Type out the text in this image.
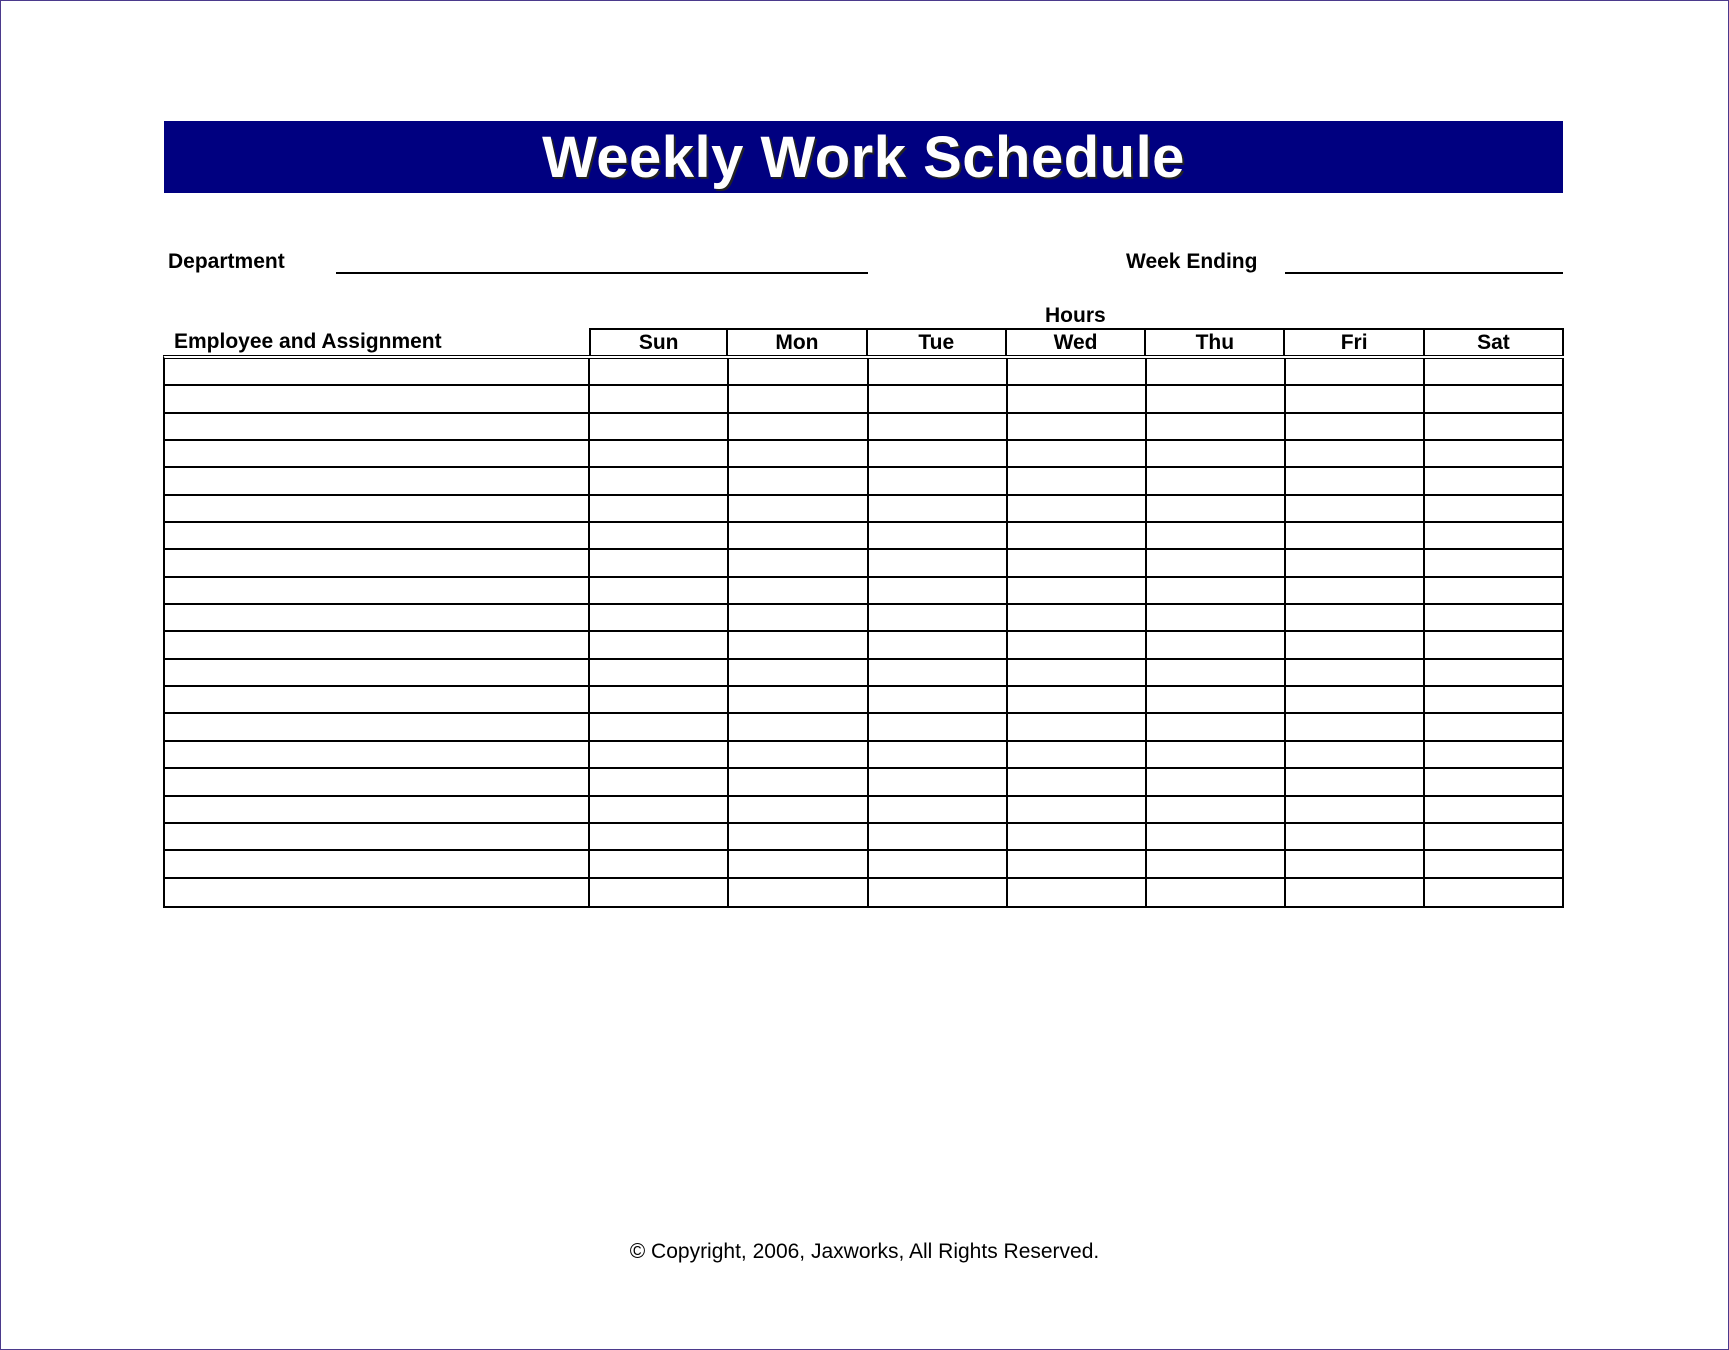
Weekly Work Schedule
Department	Week Ending
Hours
Employee and Assignment	Sun	Mon	Tue	Wed	Thu	Fri	Sat
© Copyright, 2006, Jaxworks, All Rights Reserved.
